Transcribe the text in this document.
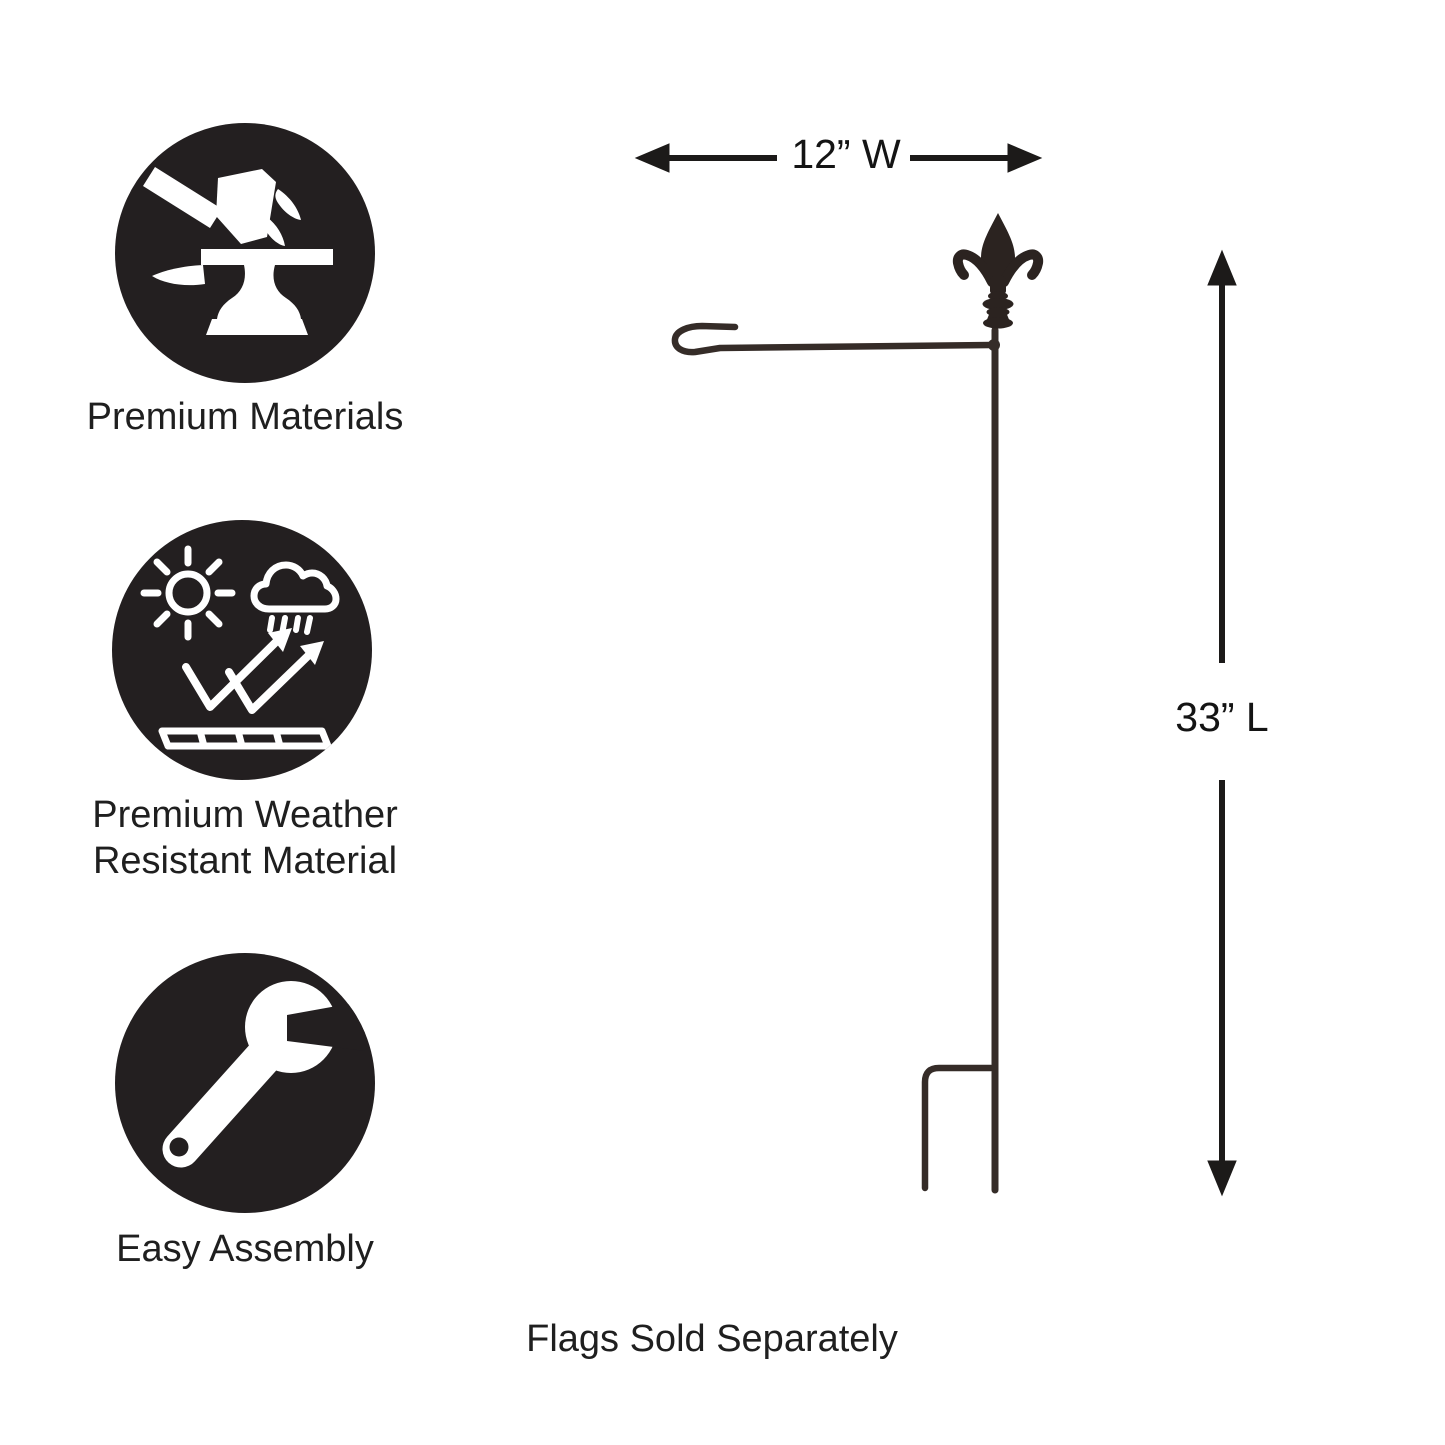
Premium Materials
Premium Weather
Resistant Material
Easy Assembly
12” W
33” L
Flags Sold Separately
